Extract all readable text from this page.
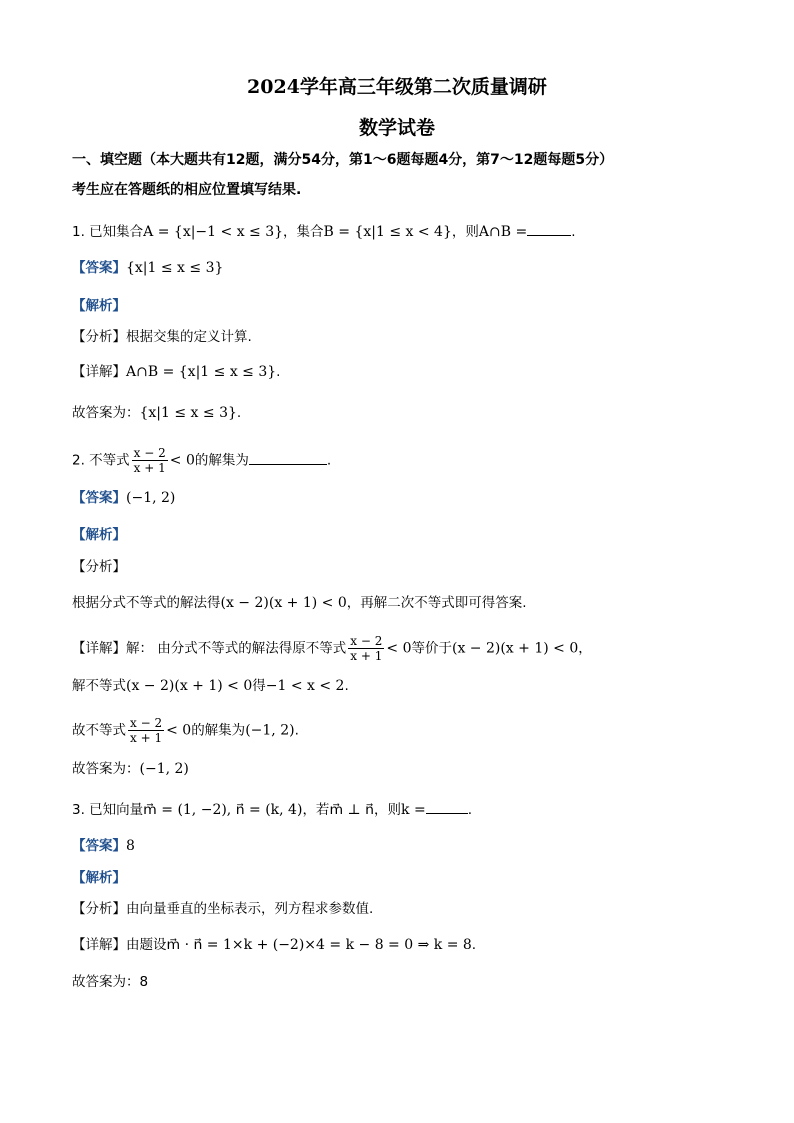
2024学年高三年级第二次质量调研
数学试卷
一、填空题（本大题共有12题，满分54分，第1～6题每题4分，第7～12题每题5分）
考生应在答题纸的相应位置填写结果.
1. 已知集合A = {x|−1 < x ≤ 3}，集合B = {x|1 ≤ x < 4}，则A∩B =	.
【答案】{x|1 ≤ x ≤ 3}
【解析】
【分析】根据交集的定义计算.
【详解】A∩B = {x|1 ≤ x ≤ 3}.
故答案为：{x|1 ≤ x ≤ 3}.
2. 不等式 $\frac{x - 2}{x + 1} < 0$的解集为	.
【答案】(−1, 2)
【解析】
【分析】
根据分式不等式的解法得(x − 2)(x + 1) < 0，再解二次不等式即可得答案.
【详解】解： 由分式不等式的解法得原不等式 $\frac{x - 2}{x + 1} < 0$等价于(x − 2)(x + 1) < 0，
解不等式(x − 2)(x + 1) < 0得−1 < x < 2.
故不等式 $\frac{x - 2}{x + 1} < 0$的解集为(−1, 2).
故答案为：(−1, 2)
3. 已知向量m⃗ = (1, −2), n⃗ = (k, 4)，若m⃗ ⊥ n⃗，则k =	.
【答案】8
【解析】
【分析】由向量垂直的坐标表示，列方程求参数值.
【详解】由题设m⃗ · n⃗ = 1×k + (−2)×4 = k − 8 = 0 ⇒ k = 8.
故答案为：8
